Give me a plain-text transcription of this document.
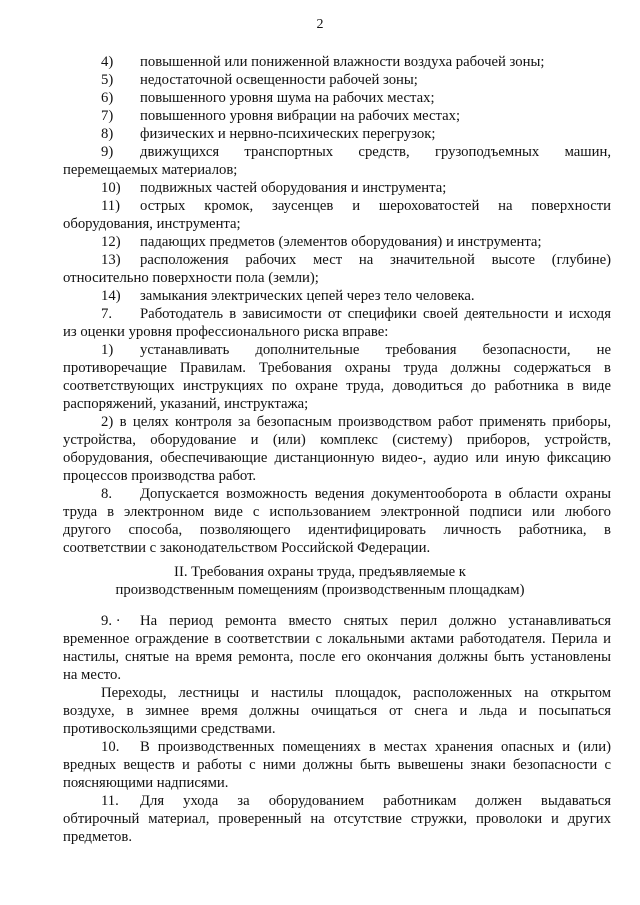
2
4) повышенной или пониженной влажности воздуха рабочей зоны;
5) недостаточной освещенности рабочей зоны;
6) повышенного уровня шума на рабочих местах;
7) повышенного уровня вибрации на рабочих местах;
8) физических и нервно-психических перегрузок;
9) движущихся транспортных средств, грузоподъемных машин,
перемещаемых материалов;
10) подвижных частей оборудования и инструмента;
11) острых кромок, заусенцев и шероховатостей на поверхности
оборудования, инструмента;
12) падающих предметов (элементов оборудования) и инструмента;
13) расположения рабочих мест на значительной высоте (глубине)
относительно поверхности пола (земли);
14) замыкания электрических цепей через тело человека.
7. Работодатель в зависимости от специфики своей деятельности и исходя
из оценки уровня профессионального риска вправе:
1) устанавливать дополнительные требования безопасности, не
противоречащие Правилам. Требования охраны труда должны содержаться в
соответствующих инструкциях по охране труда, доводиться до работника в виде
распоряжений, указаний, инструктажа;
2) в целях контроля за безопасным производством работ применять приборы,
устройства, оборудование и (или) комплекс (систему) приборов, устройств,
оборудования, обеспечивающие дистанционную видео-, аудио или иную фиксацию
процессов производства работ.
8. Допускается возможность ведения документооборота в области охраны
труда в электронном виде с использованием электронной подписи или любого
другого способа, позволяющего идентифицировать личность работника, в
соответствии с законодательством Российской Федерации.
II. Требования охраны труда, предъявляемые к
производственным помещениям (производственным площадкам)
9. · На период ремонта вместо снятых перил должно устанавливаться
временное ограждение в соответствии с локальными актами работодателя. Перила и
настилы, снятые на время ремонта, после его окончания должны быть установлены
на место.
Переходы, лестницы и настилы площадок, расположенных на открытом
воздухе, в зимнее время должны очищаться от снега и льда и посыпаться
противоскользящими средствами.
10. В производственных помещениях в местах хранения опасных и (или)
вредных веществ и работы с ними должны быть вывешены знаки безопасности с
поясняющими надписями.
11. Для ухода за оборудованием работникам должен выдаваться
обтирочный материал, проверенный на отсутствие стружки, проволоки и других
предметов.
